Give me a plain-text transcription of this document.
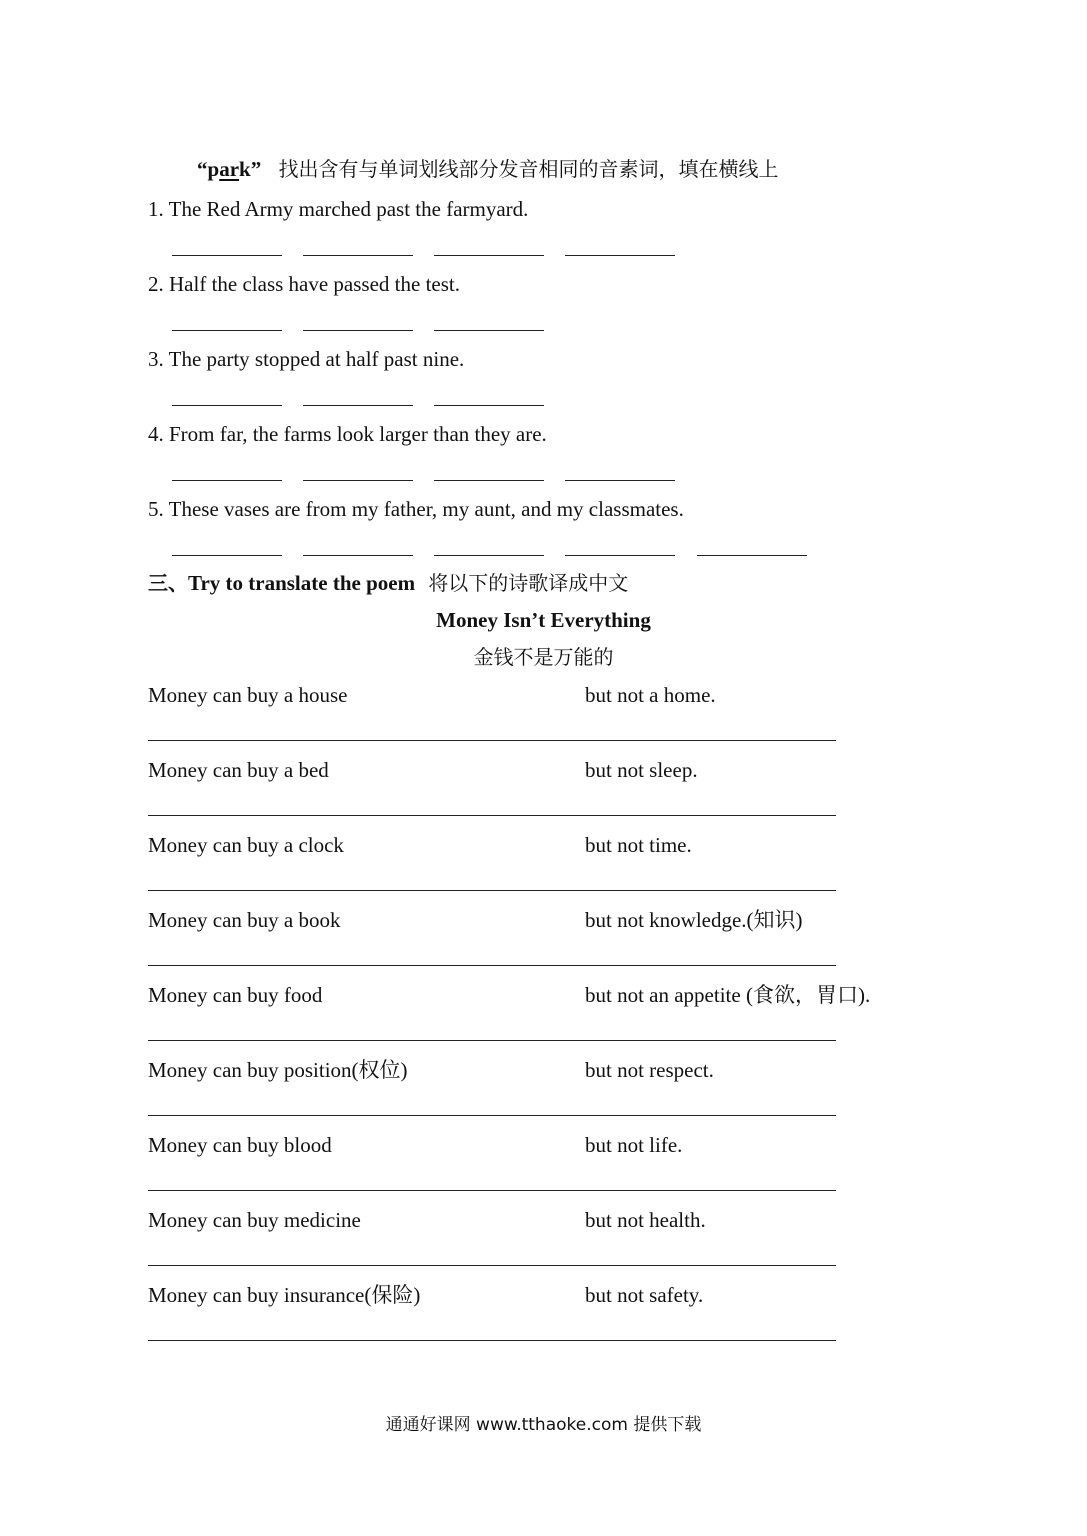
“park” 找出含有与单词划线部分发音相同的音素词，填在横线上
1. The Red Army marched past the farmyard.
2. Half the class have passed the test.
3. The party stopped at half past nine.
4. From far, the farms look larger than they are.
5. These vases are from my father, my aunt, and my classmates.
三、Try to translate the poem 将以下的诗歌译成中文
Money Isn’t Everything
金钱不是万能的
Money can buy a house	but not a home.
Money can buy a bed	but not sleep.
Money can buy a clock	but not time.
Money can buy a book	but not knowledge.(知识)
Money can buy food	but not an appetite (食欲，胃口).
Money can buy position(权位)	but not respect.
Money can buy blood	but not life.
Money can buy medicine	but not health.
Money can buy insurance(保险)	but not safety.
通通好课网 www.tthaoke.com 提供下载
